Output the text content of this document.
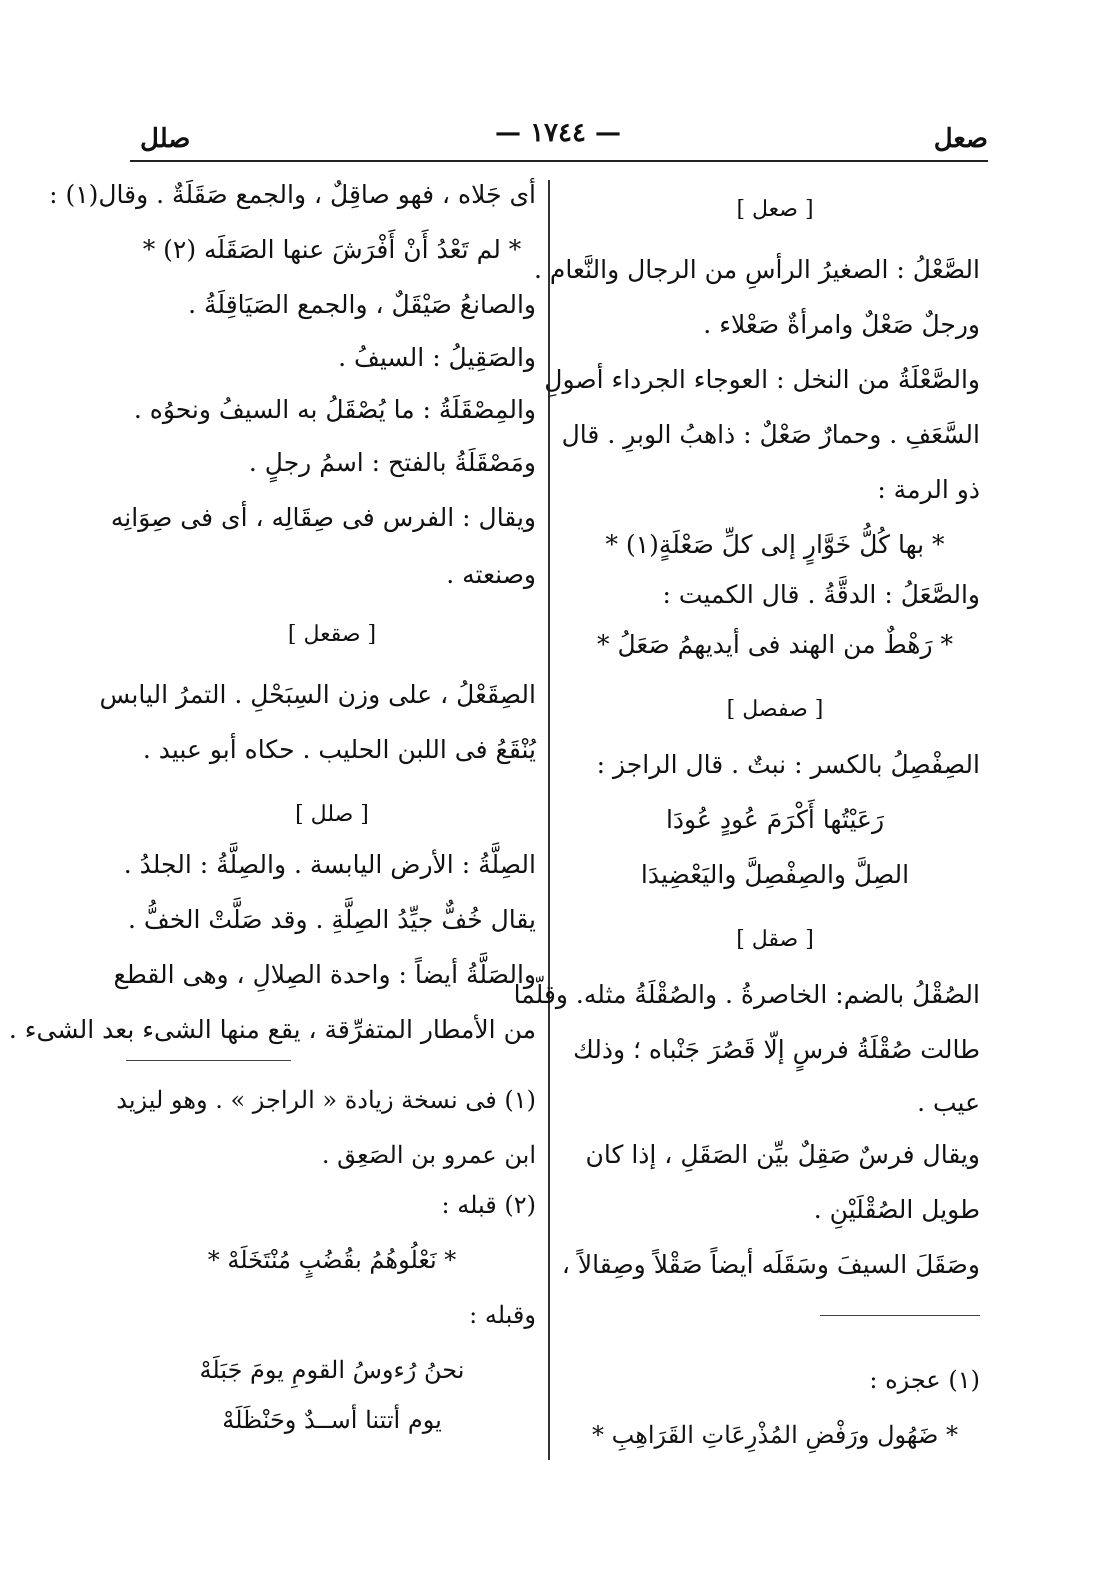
صعل
— ١٧٤٤ —
صلل
[ صعل ]
الصَّعْلُ : الصغيرُ الرأسِ من الرجال والنَّعام .
ورجلٌ صَعْلٌ وامرأةٌ صَعْلاء .
والصَّعْلَةُ من النخل : العوجاء الجرداء أصولِ
السَّعَفِ . وحمارٌ صَعْلٌ : ذاهبُ الوبرِ . قال
ذو الرمة :
* بها كُلُّ خَوَّارٍ إلى كلِّ صَعْلَةٍ(١) *
والصَّعَلُ : الدقَّةُ . قال الكميت :
* رَهْطٌ من الهند فى أيديهمُ صَعَلُ *
[ صفصل ]
الصِفْصِلُ بالكسر : نبتٌ . قال الراجز :
رَعَيْتُها أَكْرَمَ عُودٍ عُودَا
الصِلَّ والصِفْصِلَّ واليَعْضِيدَا
[ صقل ]
الصُقْلُ بالضم: الخاصرةُ . والصُقْلَةُ مثله. وقلّما
طالت صُقْلَةُ فرسٍ إلّا قَصُرَ جَنْباه ؛ وذلك
عيب .
ويقال فرسٌ صَقِلٌ بيِّن الصَقَلِ ، إذا كان
طويل الصُقْلَيْنِ .
وصَقَلَ السيفَ وسَقَلَه أيضاً صَقْلاً وصِقالاً ،
(١) عجزه :
* ضَهُول ورَفْضِ المُذْرِعَاتِ القَرَاهِبِ *
أى جَلاه ، فهو صاقِلٌ ، والجمع صَقَلَةٌ . وقال(١) :
* لم تَعْدُ أَنْ أَفْرَشَ عنها الصَقَلَه (٢) *
والصانعُ صَيْقَلٌ ، والجمع الصَيَاقِلَةُ .
والصَقِيلُ : السيفُ .
والمِصْقَلَةُ : ما يُصْقَلُ به السيفُ ونحوُه .
ومَصْقَلَةُ بالفتح : اسمُ رجلٍ .
ويقال : الفرس فى صِقَالِه ، أى فى صِوَانِه
وصنعته .
[ صقعل ]
الصِقَعْلُ ، على وزن السِبَحْلِ . التمرُ اليابس
يُنْقَعُ فى اللبن الحليب . حكاه أبو عبيد .
[ صلل ]
الصِلَّةُ : الأرض اليابسة . والصِلَّةُ : الجلدُ .
يقال خُفٌّ جيِّدُ الصِلَّةِ . وقد صَلَّتْ الخفُّ .
والصَلَّةُ أيضاً : واحدة الصِلالِ ، وهى القطع
من الأمطار المتفرِّقة ، يقع منها الشىء بعد الشىء .
(١) فى نسخة زيادة « الراجز » . وهو ليزيد
ابن عمرو بن الصَعِق .
(٢) قبله :
* نَعْلُوهُمُ بقُضُبٍ مُنْتَخَلَهْ *
وقبله :
نحنُ رُءوسُ القومِ يومَ جَبَلَهْ
يوم أتتنا أســدٌ وحَنْظَلَهْ
